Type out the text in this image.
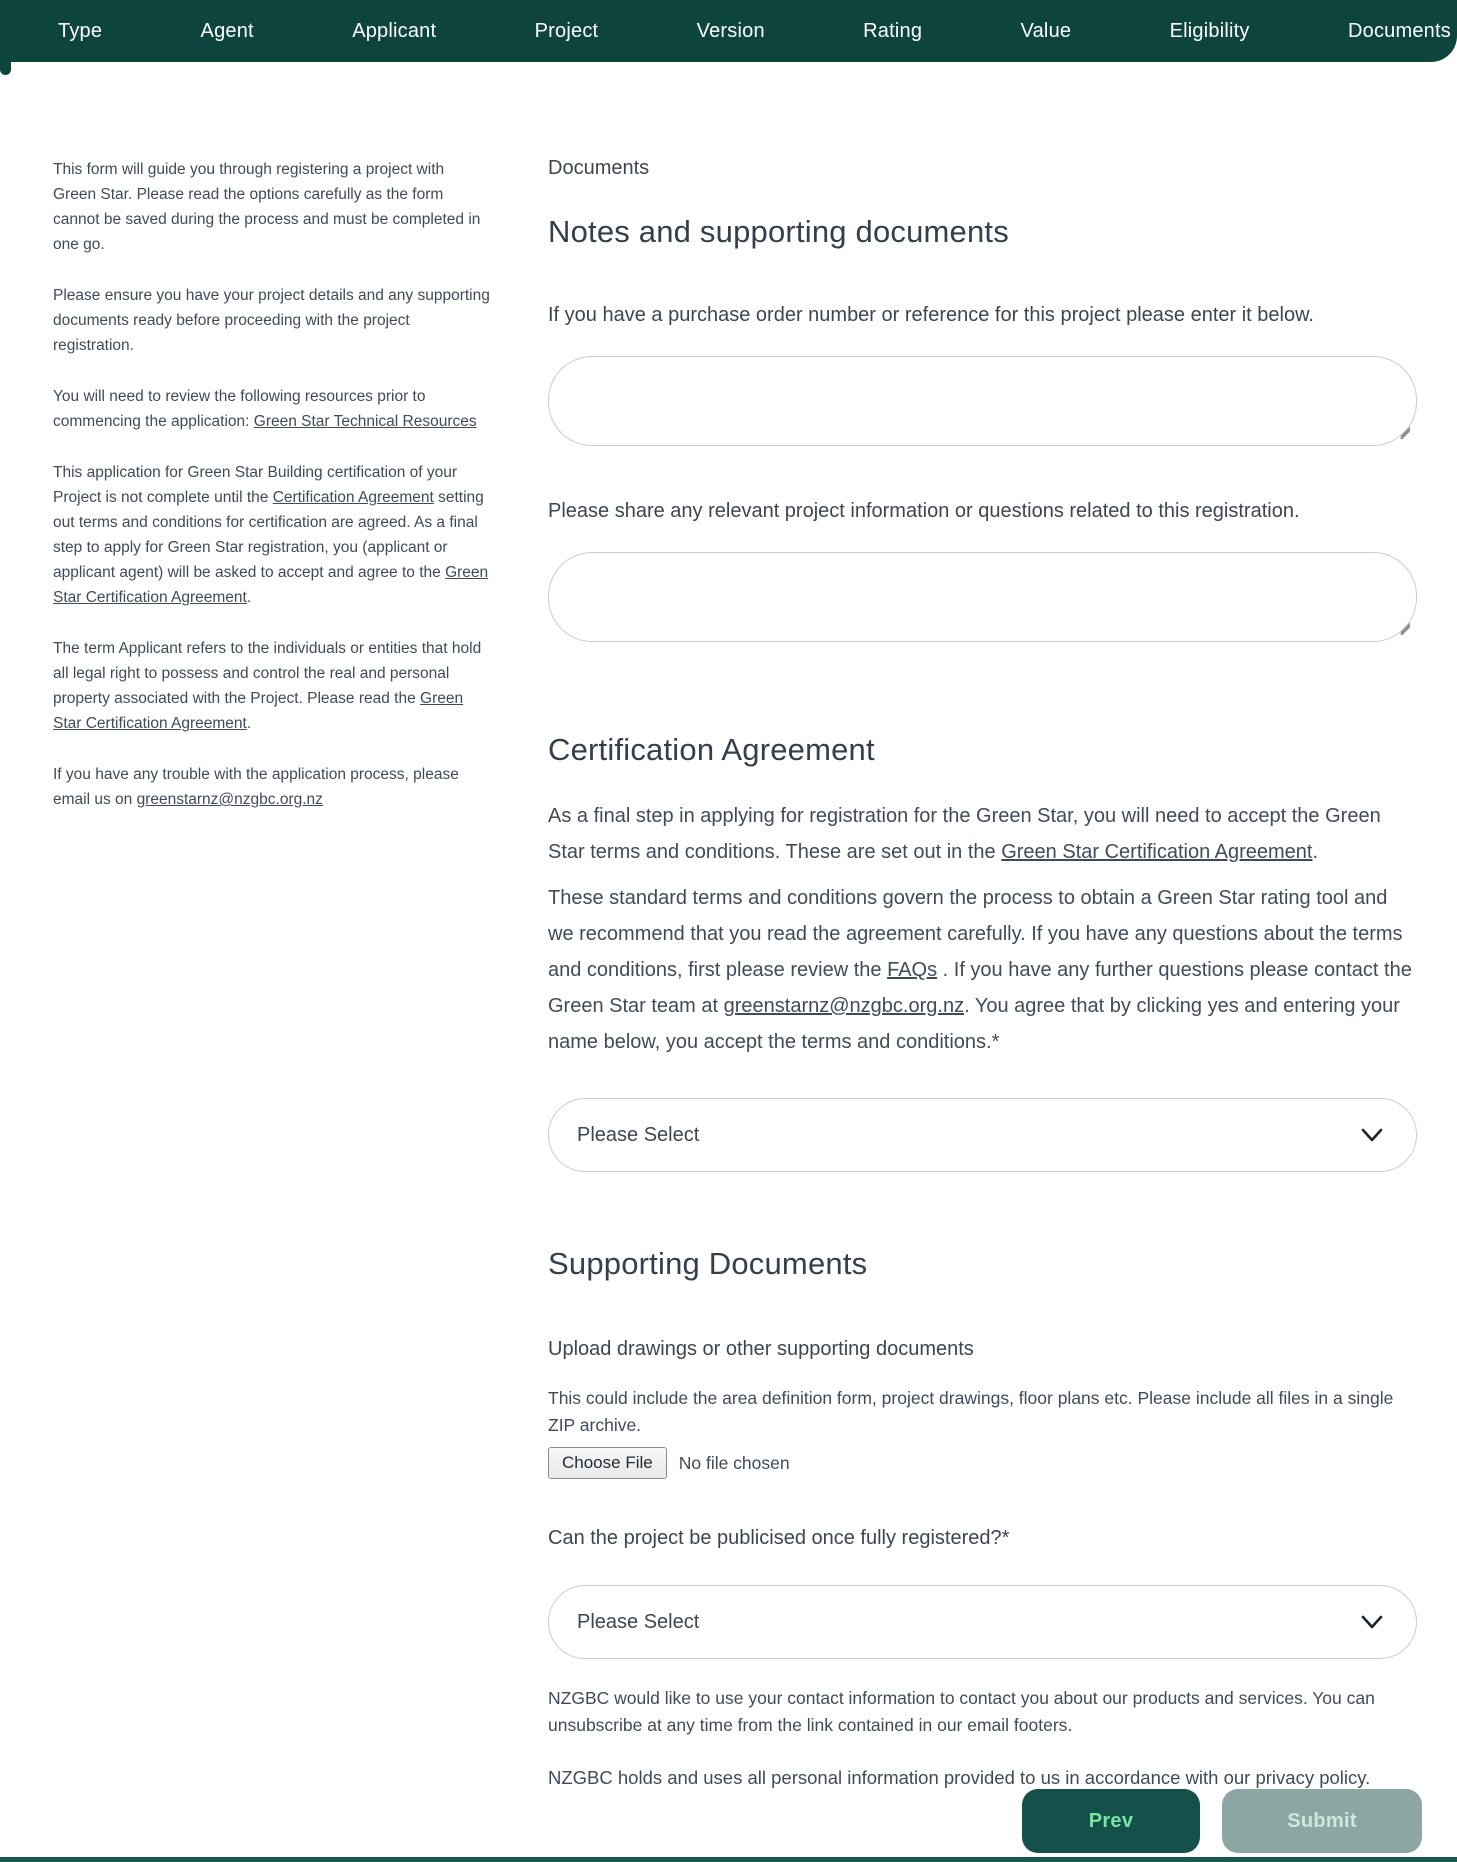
Type	Agent	Applicant	Project	Version	Rating	Value	Eligibility	Documents

This form will guide you through registering a project with Green Star. Please read the options carefully as the form cannot be saved during the process and must be completed in one go.

Please ensure you have your project details and any supporting documents ready before proceeding with the project registration.

You will need to review the following resources prior to commencing the application: Green Star Technical Resources

This application for Green Star Building certification of your Project is not complete until the Certification Agreement setting out terms and conditions for certification are agreed. As a final step to apply for Green Star registration, you (applicant or applicant agent) will be asked to accept and agree to the Green Star Certification Agreement.

The term Applicant refers to the individuals or entities that hold all legal right to possess and control the real and personal property associated with the Project. Please read the Green Star Certification Agreement.

If you have any trouble with the application process, please email us on greenstarnz@nzgbc.org.nz

Documents
Notes and supporting documents
If you have a purchase order number or reference for this project please enter it below.
Please share any relevant project information or questions related to this registration.
Certification Agreement

As a final step in applying for registration for the Green Star, you will need to accept the Green Star terms and conditions. These are set out in the Green Star Certification Agreement.

These standard terms and conditions govern the process to obtain a Green Star rating tool and we recommend that you read the agreement carefully. If you have any questions about the terms and conditions, first please review the FAQs . If you have any further questions please contact the Green Star team at greenstarnz@nzgbc.org.nz. You agree that by clicking yes and entering your name below, you accept the terms and conditions.*

Please Select
Supporting Documents
Upload drawings or other supporting documents
This could include the area definition form, project drawings, floor plans etc. Please include all files in a single ZIP archive.
Choose File	No file chosen
Can the project be publicised once fully registered?*
Please Select

NZGBC would like to use your contact information to contact you about our products and services. You can unsubscribe at any time from the link contained in our email footers.

NZGBC holds and uses all personal information provided to us in accordance with our privacy policy.

Prev	Submit
